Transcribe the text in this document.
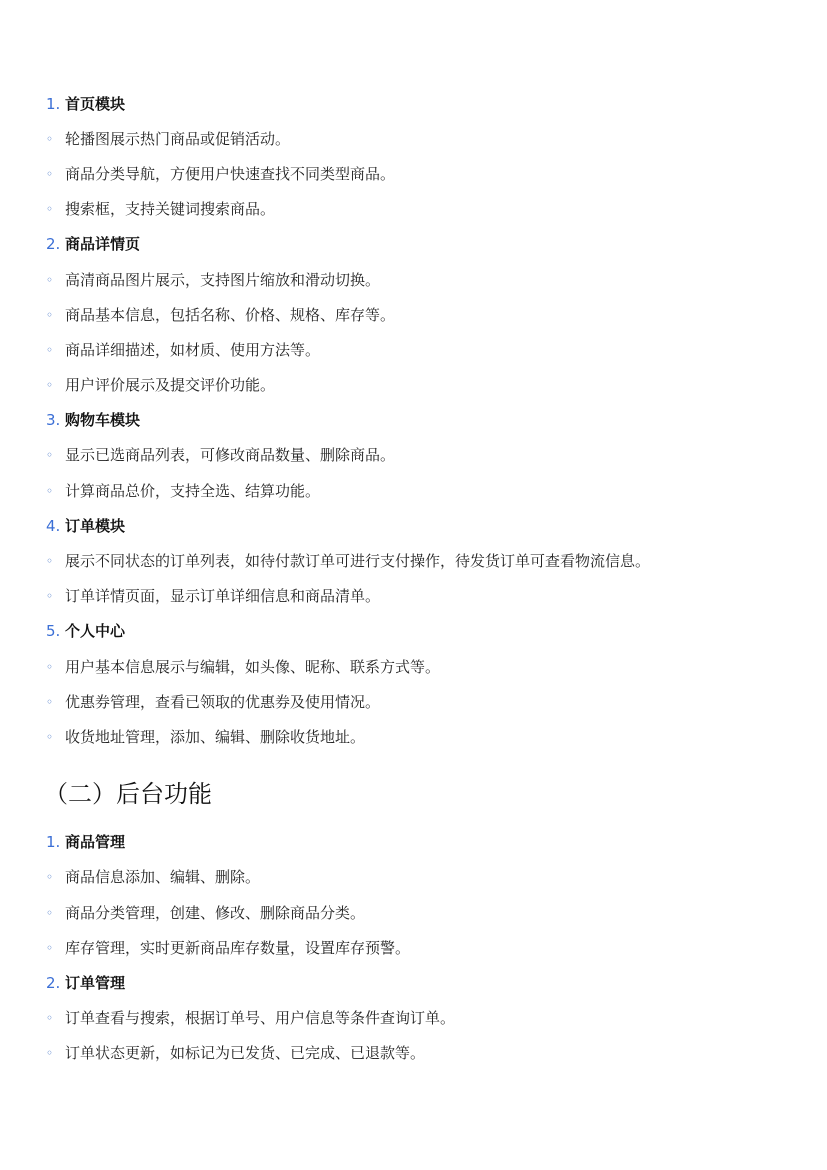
1. 首页模块
◦ 轮播图展示热门商品或促销活动。
◦ 商品分类导航，方便用户快速查找不同类型商品。
◦ 搜索框，支持关键词搜索商品。
2. 商品详情页
◦ 高清商品图片展示，支持图片缩放和滑动切换。
◦ 商品基本信息，包括名称、价格、规格、库存等。
◦ 商品详细描述，如材质、使用方法等。
◦ 用户评价展示及提交评价功能。
3. 购物车模块
◦ 显示已选商品列表，可修改商品数量、删除商品。
◦ 计算商品总价，支持全选、结算功能。
4. 订单模块
◦ 展示不同状态的订单列表，如待付款订单可进行支付操作，待发货订单可查看物流信息。
◦ 订单详情页面，显示订单详细信息和商品清单。
5. 个人中心
◦ 用户基本信息展示与编辑，如头像、昵称、联系方式等。
◦ 优惠券管理，查看已领取的优惠券及使用情况。
◦ 收货地址管理，添加、编辑、删除收货地址。
（二）后台功能
1. 商品管理
◦ 商品信息添加、编辑、删除。
◦ 商品分类管理，创建、修改、删除商品分类。
◦ 库存管理，实时更新商品库存数量，设置库存预警。
2. 订单管理
◦ 订单查看与搜索，根据订单号、用户信息等条件查询订单。
◦ 订单状态更新，如标记为已发货、已完成、已退款等。
